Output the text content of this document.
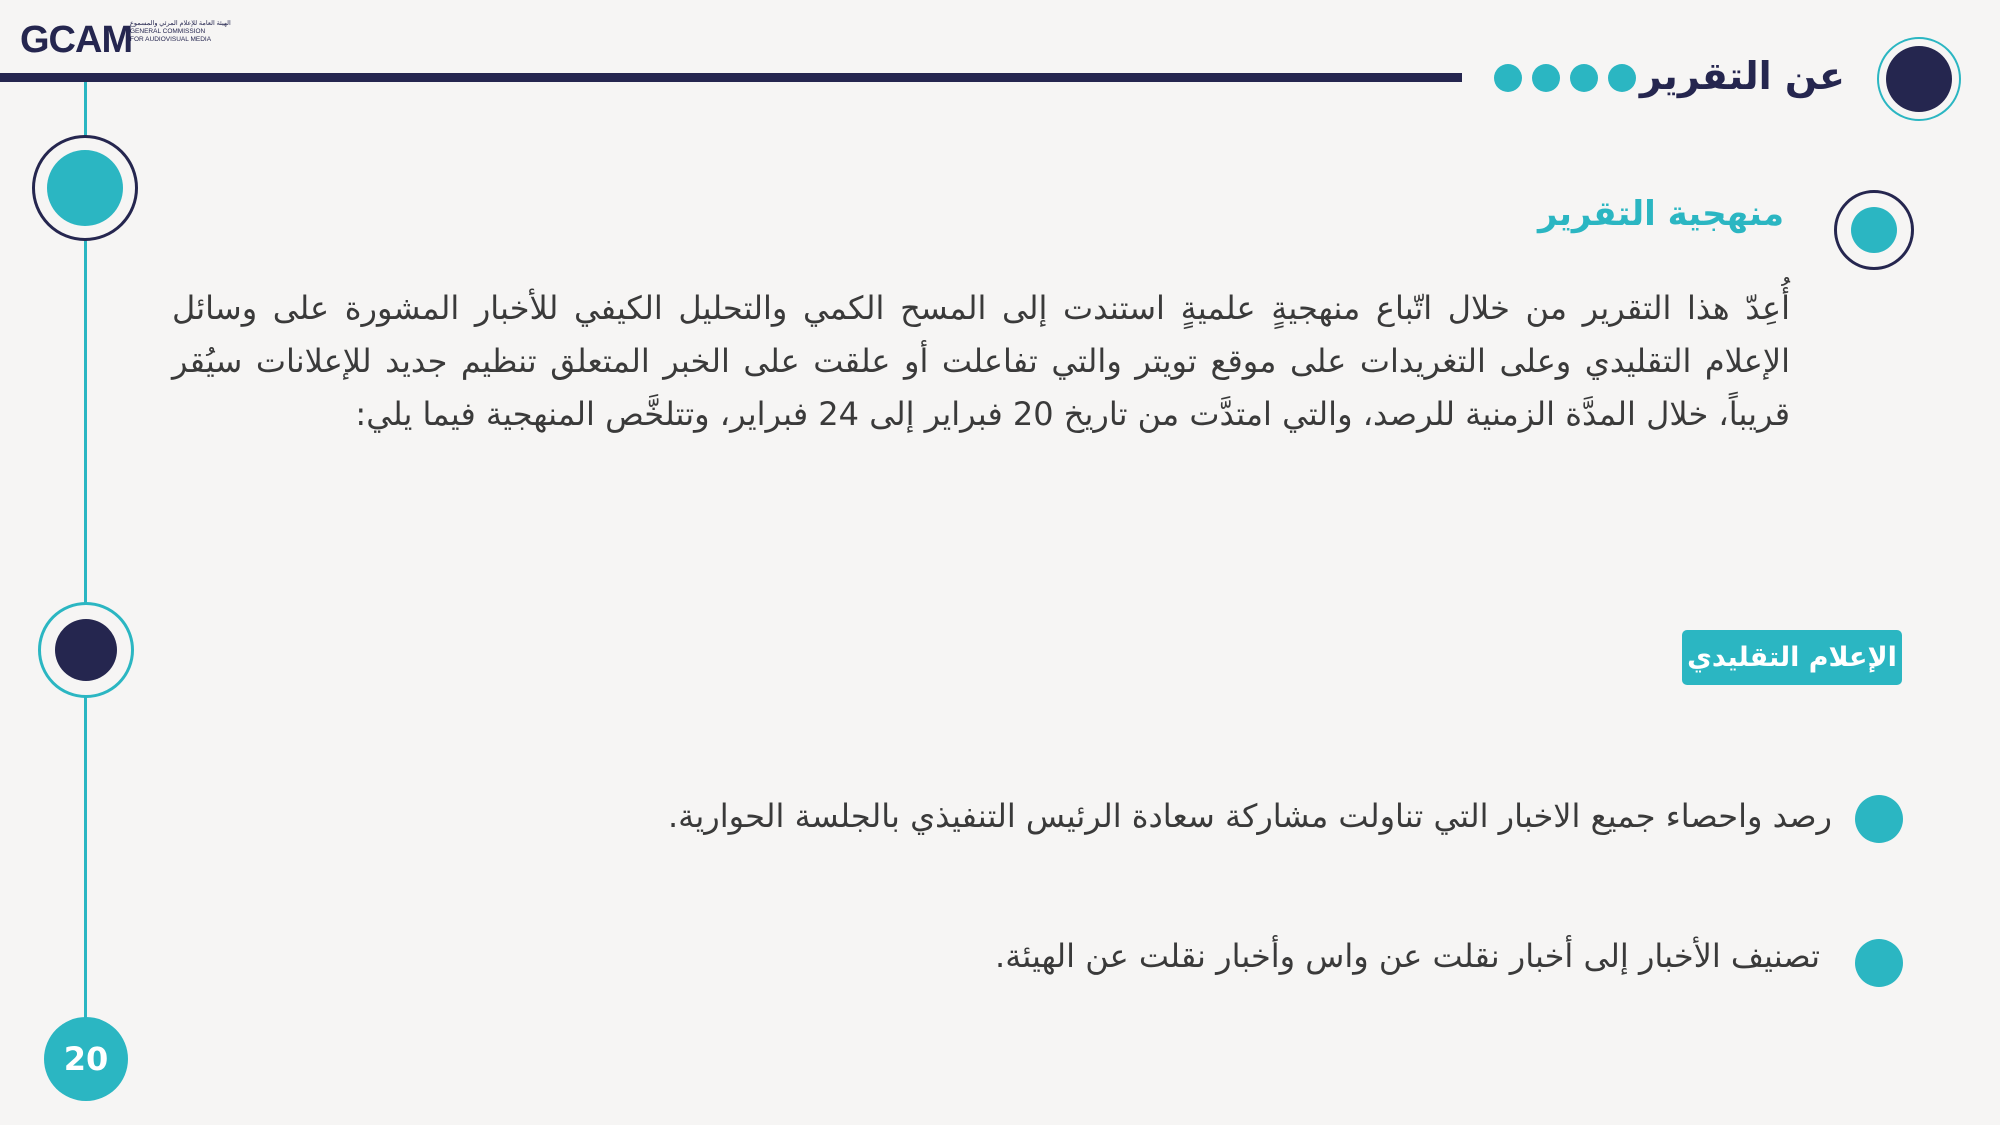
GCAM
الهيئة العامة للإعلام المرئي والمسموع
GENERAL COMMISSION
FOR AUDIOVISUAL MEDIA
عن التقرير
20
منهجية التقرير
أُعِدّ هذا التقرير من خلال اتّباع منهجيةٍ علميةٍ استندت إلى المسح الكمي والتحليل الكيفي للأخبار المشورة على وسائل الإعلام التقليدي وعلى التغريدات على موقع تويتر والتي تفاعلت أو علقت على الخبر المتعلق تنظيم جديد للإعلانات سيُقر قريباً، خلال المدَّة الزمنية للرصد، والتي امتدَّت من تاريخ 20 فبراير إلى 24 فبراير، وتتلخَّص المنهجية فيما يلي:
الإعلام التقليدي
رصد واحصاء جميع الاخبار التي تناولت مشاركة سعادة الرئيس التنفيذي بالجلسة الحوارية.
تصنيف الأخبار إلى أخبار نقلت عن واس وأخبار نقلت عن الهيئة.
